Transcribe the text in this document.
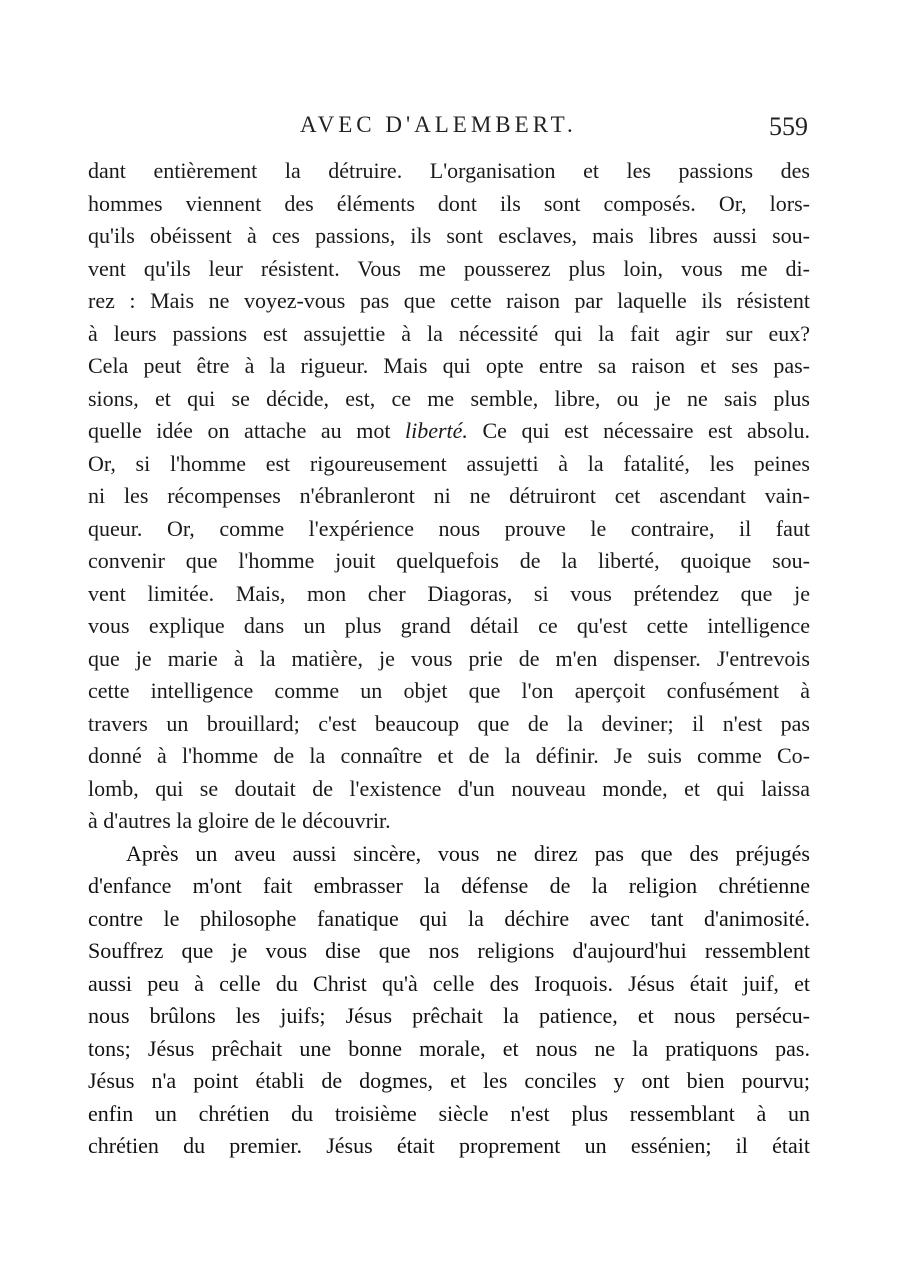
AVEC D'ALEMBERT.	559
dant entièrement la détruire. L'organisation et les passions des
hommes viennent des éléments dont ils sont composés. Or, lors-
qu'ils obéissent à ces passions, ils sont esclaves, mais libres aussi sou-
vent qu'ils leur résistent. Vous me pousserez plus loin, vous me di-
rez : Mais ne voyez-vous pas que cette raison par laquelle ils résistent
à leurs passions est assujettie à la nécessité qui la fait agir sur eux?
Cela peut être à la rigueur. Mais qui opte entre sa raison et ses pas-
sions, et qui se décide, est, ce me semble, libre, ou je ne sais plus
quelle idée on attache au mot liberté. Ce qui est nécessaire est absolu.
Or, si l'homme est rigoureusement assujetti à la fatalité, les peines
ni les récompenses n'ébranleront ni ne détruiront cet ascendant vain-
queur. Or, comme l'expérience nous prouve le contraire, il faut
convenir que l'homme jouit quelquefois de la liberté, quoique sou-
vent limitée. Mais, mon cher Diagoras, si vous prétendez que je
vous explique dans un plus grand détail ce qu'est cette intelligence
que je marie à la matière, je vous prie de m'en dispenser. J'entrevois
cette intelligence comme un objet que l'on aperçoit confusément à
travers un brouillard; c'est beaucoup que de la deviner; il n'est pas
donné à l'homme de la connaître et de la définir. Je suis comme Co-
lomb, qui se doutait de l'existence d'un nouveau monde, et qui laissa
à d'autres la gloire de le découvrir.
Après un aveu aussi sincère, vous ne direz pas que des préjugés
d'enfance m'ont fait embrasser la défense de la religion chrétienne
contre le philosophe fanatique qui la déchire avec tant d'animosité.
Souffrez que je vous dise que nos religions d'aujourd'hui ressemblent
aussi peu à celle du Christ qu'à celle des Iroquois. Jésus était juif, et
nous brûlons les juifs; Jésus prêchait la patience, et nous persécu-
tons; Jésus prêchait une bonne morale, et nous ne la pratiquons pas.
Jésus n'a point établi de dogmes, et les conciles y ont bien pourvu;
enfin un chrétien du troisième siècle n'est plus ressemblant à un
chrétien du premier. Jésus était proprement un essénien; il était
